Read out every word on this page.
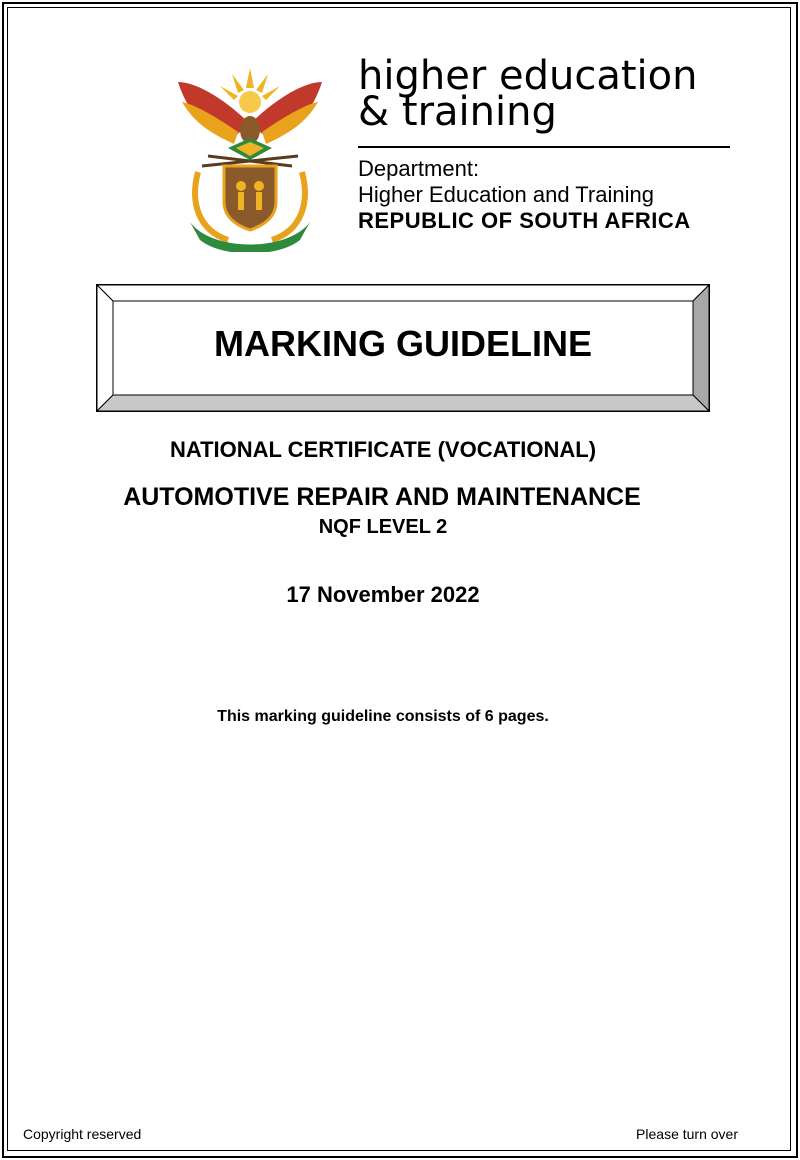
higher education
& training
Department:
Higher Education and Training
REPUBLIC OF SOUTH AFRICA
MARKING GUIDELINE
NATIONAL CERTIFICATE (VOCATIONAL)
AUTOMOTIVE REPAIR AND MAINTENANCE
NQF LEVEL 2
17 November 2022
This marking guideline consists of 6 pages.
Copyright reserved	Please turn over
